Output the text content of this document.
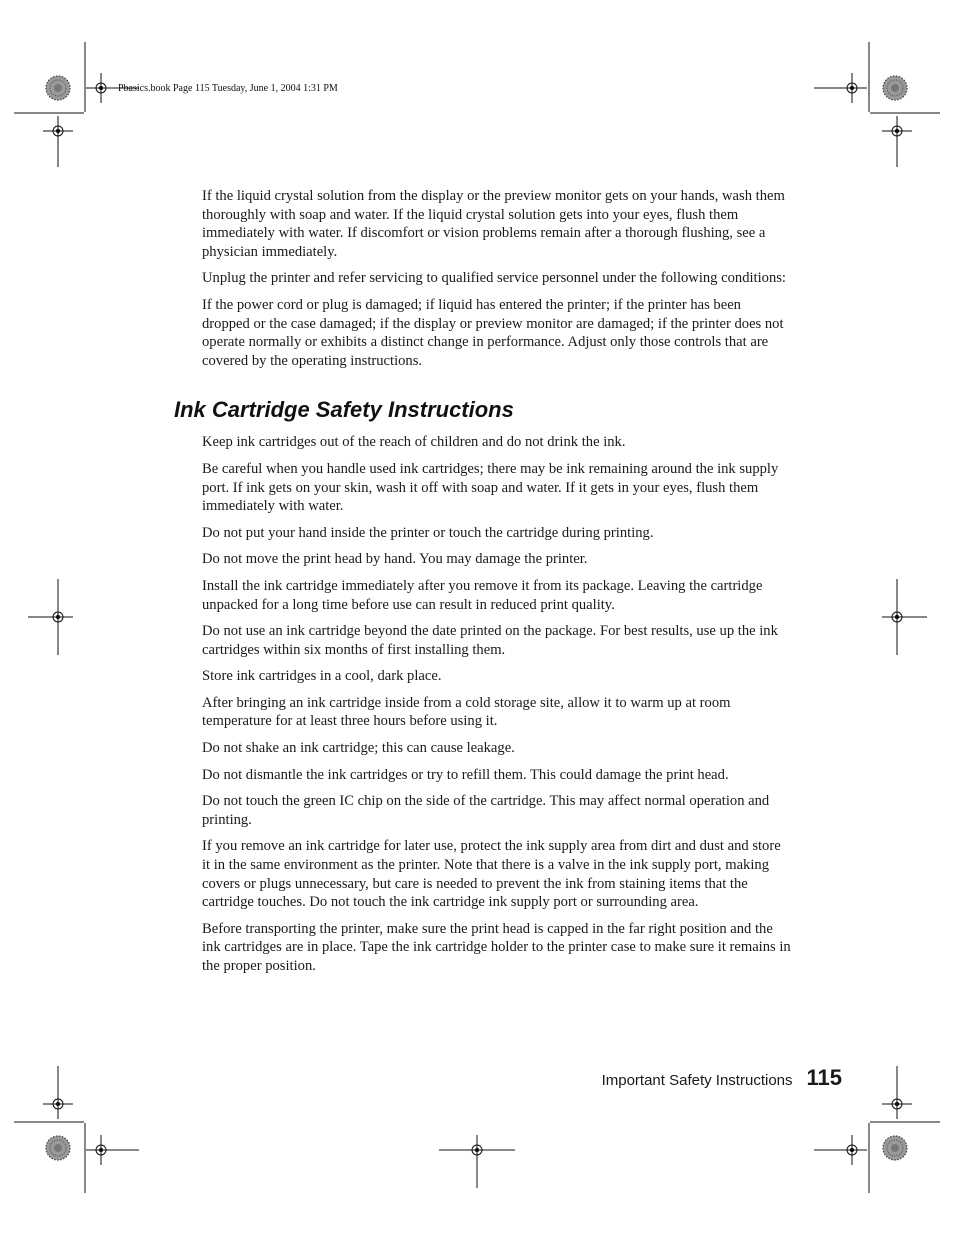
Pbasics.book Page 115 Tuesday, June 1, 2004 1:31 PM

If the liquid crystal solution from the display or the preview monitor gets on your hands, wash them thoroughly with soap and water. If the liquid crystal solution gets into your eyes, flush them immediately with water. If discomfort or vision problems remain after a thorough flushing, see a physician immediately.

Unplug the printer and refer servicing to qualified service personnel under the following conditions:

If the power cord or plug is damaged; if liquid has entered the printer; if the printer has been dropped or the case damaged; if the display or preview monitor are damaged; if the printer does not operate normally or exhibits a distinct change in performance. Adjust only those controls that are covered by the operating instructions.

Ink Cartridge Safety Instructions

Keep ink cartridges out of the reach of children and do not drink the ink.

Be careful when you handle used ink cartridges; there may be ink remaining around the ink supply port. If ink gets on your skin, wash it off with soap and water. If it gets in your eyes, flush them immediately with water.

Do not put your hand inside the printer or touch the cartridge during printing.

Do not move the print head by hand. You may damage the printer.

Install the ink cartridge immediately after you remove it from its package. Leaving the cartridge unpacked for a long time before use can result in reduced print quality.

Do not use an ink cartridge beyond the date printed on the package. For best results, use up the ink cartridges within six months of first installing them.

Store ink cartridges in a cool, dark place.

After bringing an ink cartridge inside from a cold storage site, allow it to warm up at room temperature for at least three hours before using it.

Do not shake an ink cartridge; this can cause leakage.

Do not dismantle the ink cartridges or try to refill them. This could damage the print head.

Do not touch the green IC chip on the side of the cartridge. This may affect normal operation and printing.

If you remove an ink cartridge for later use, protect the ink supply area from dirt and dust and store it in the same environment as the printer. Note that there is a valve in the ink supply port, making covers or plugs unnecessary, but care is needed to prevent the ink from staining items that the cartridge touches. Do not touch the ink cartridge ink supply port or surrounding area.

Before transporting the printer, make sure the print head is capped in the far right position and the ink cartridges are in place. Tape the ink cartridge holder to the printer case to make sure it remains in the proper position.

Important Safety Instructions 115
